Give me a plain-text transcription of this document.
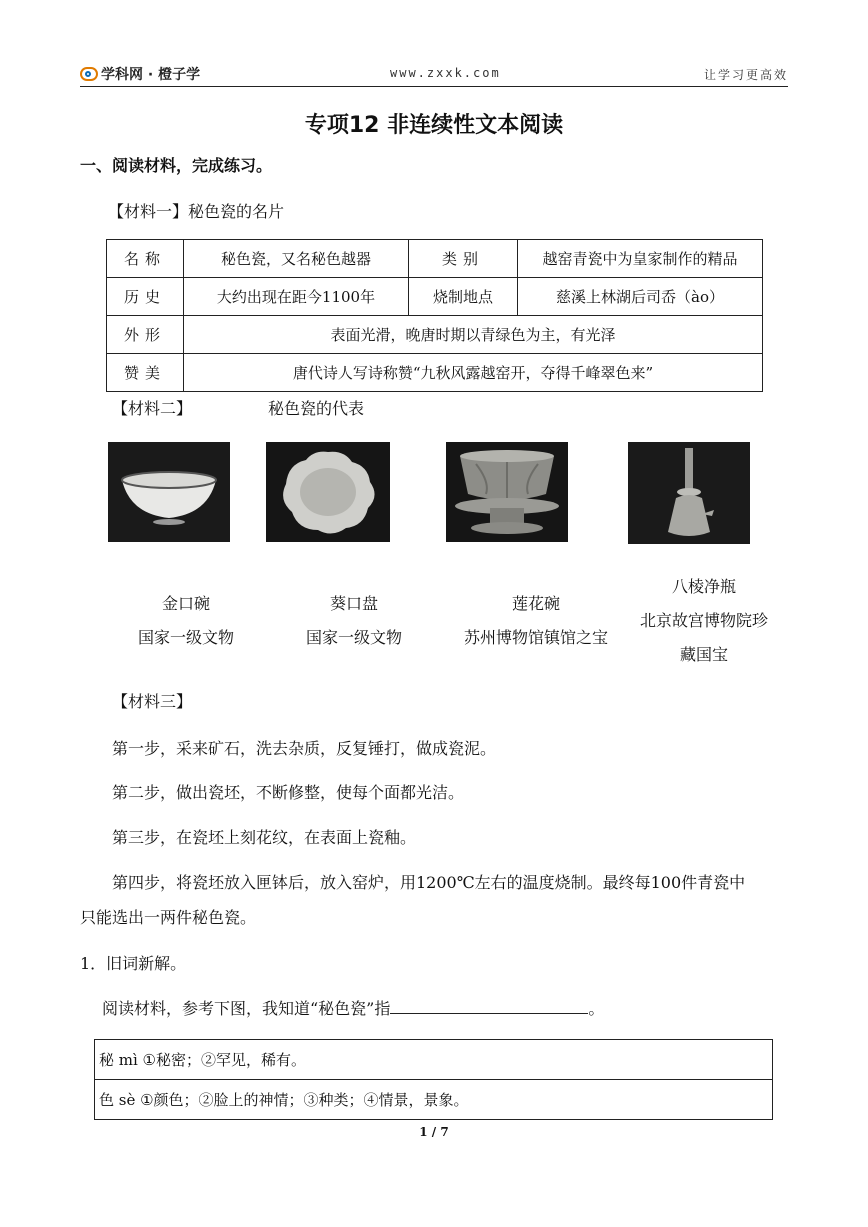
学科网 · 橙子学	www.zxxk.com	让学习更高效
专项12 非连续性文本阅读
一、阅读材料，完成练习。
【材料一】秘色瓷的名片
名称	秘色瓷，又名秘色越器	类别	越窑青瓷中为皇家制作的精品
历史	大约出现在距今1100年	烧制地点	慈溪上林湖后司岙（ào）
外形	表面光滑，晚唐时期以青绿色为主，有光泽		
赞美	唐代诗人写诗称赞“九秋风露越窑开，夺得千峰翠色来”		
【材料二】	秘色瓷的代表
金口碗
国家一级文物
葵口盘
国家一级文物
莲花碗
苏州博物馆镇馆之宝
八棱净瓶
北京故宫博物院珍
藏国宝
【材料三】
第一步，采来矿石，洗去杂质，反复锤打，做成瓷泥。
第二步，做出瓷坯，不断修整，使每个面都光洁。
第三步，在瓷坯上刻花纹，在表面上瓷釉。
第四步，将瓷坯放入匣钵后，放入窑炉，用1200℃左右的温度烧制。最终每100件青瓷中
只能选出一两件秘色瓷。
1．旧词新解。
阅读材料，参考下图，我知道“秘色瓷”指	。
秘 mì ①秘密；②罕见，稀有。
色 sè ①颜色；②脸上的神情；③种类；④情景，景象。
1 / 7
